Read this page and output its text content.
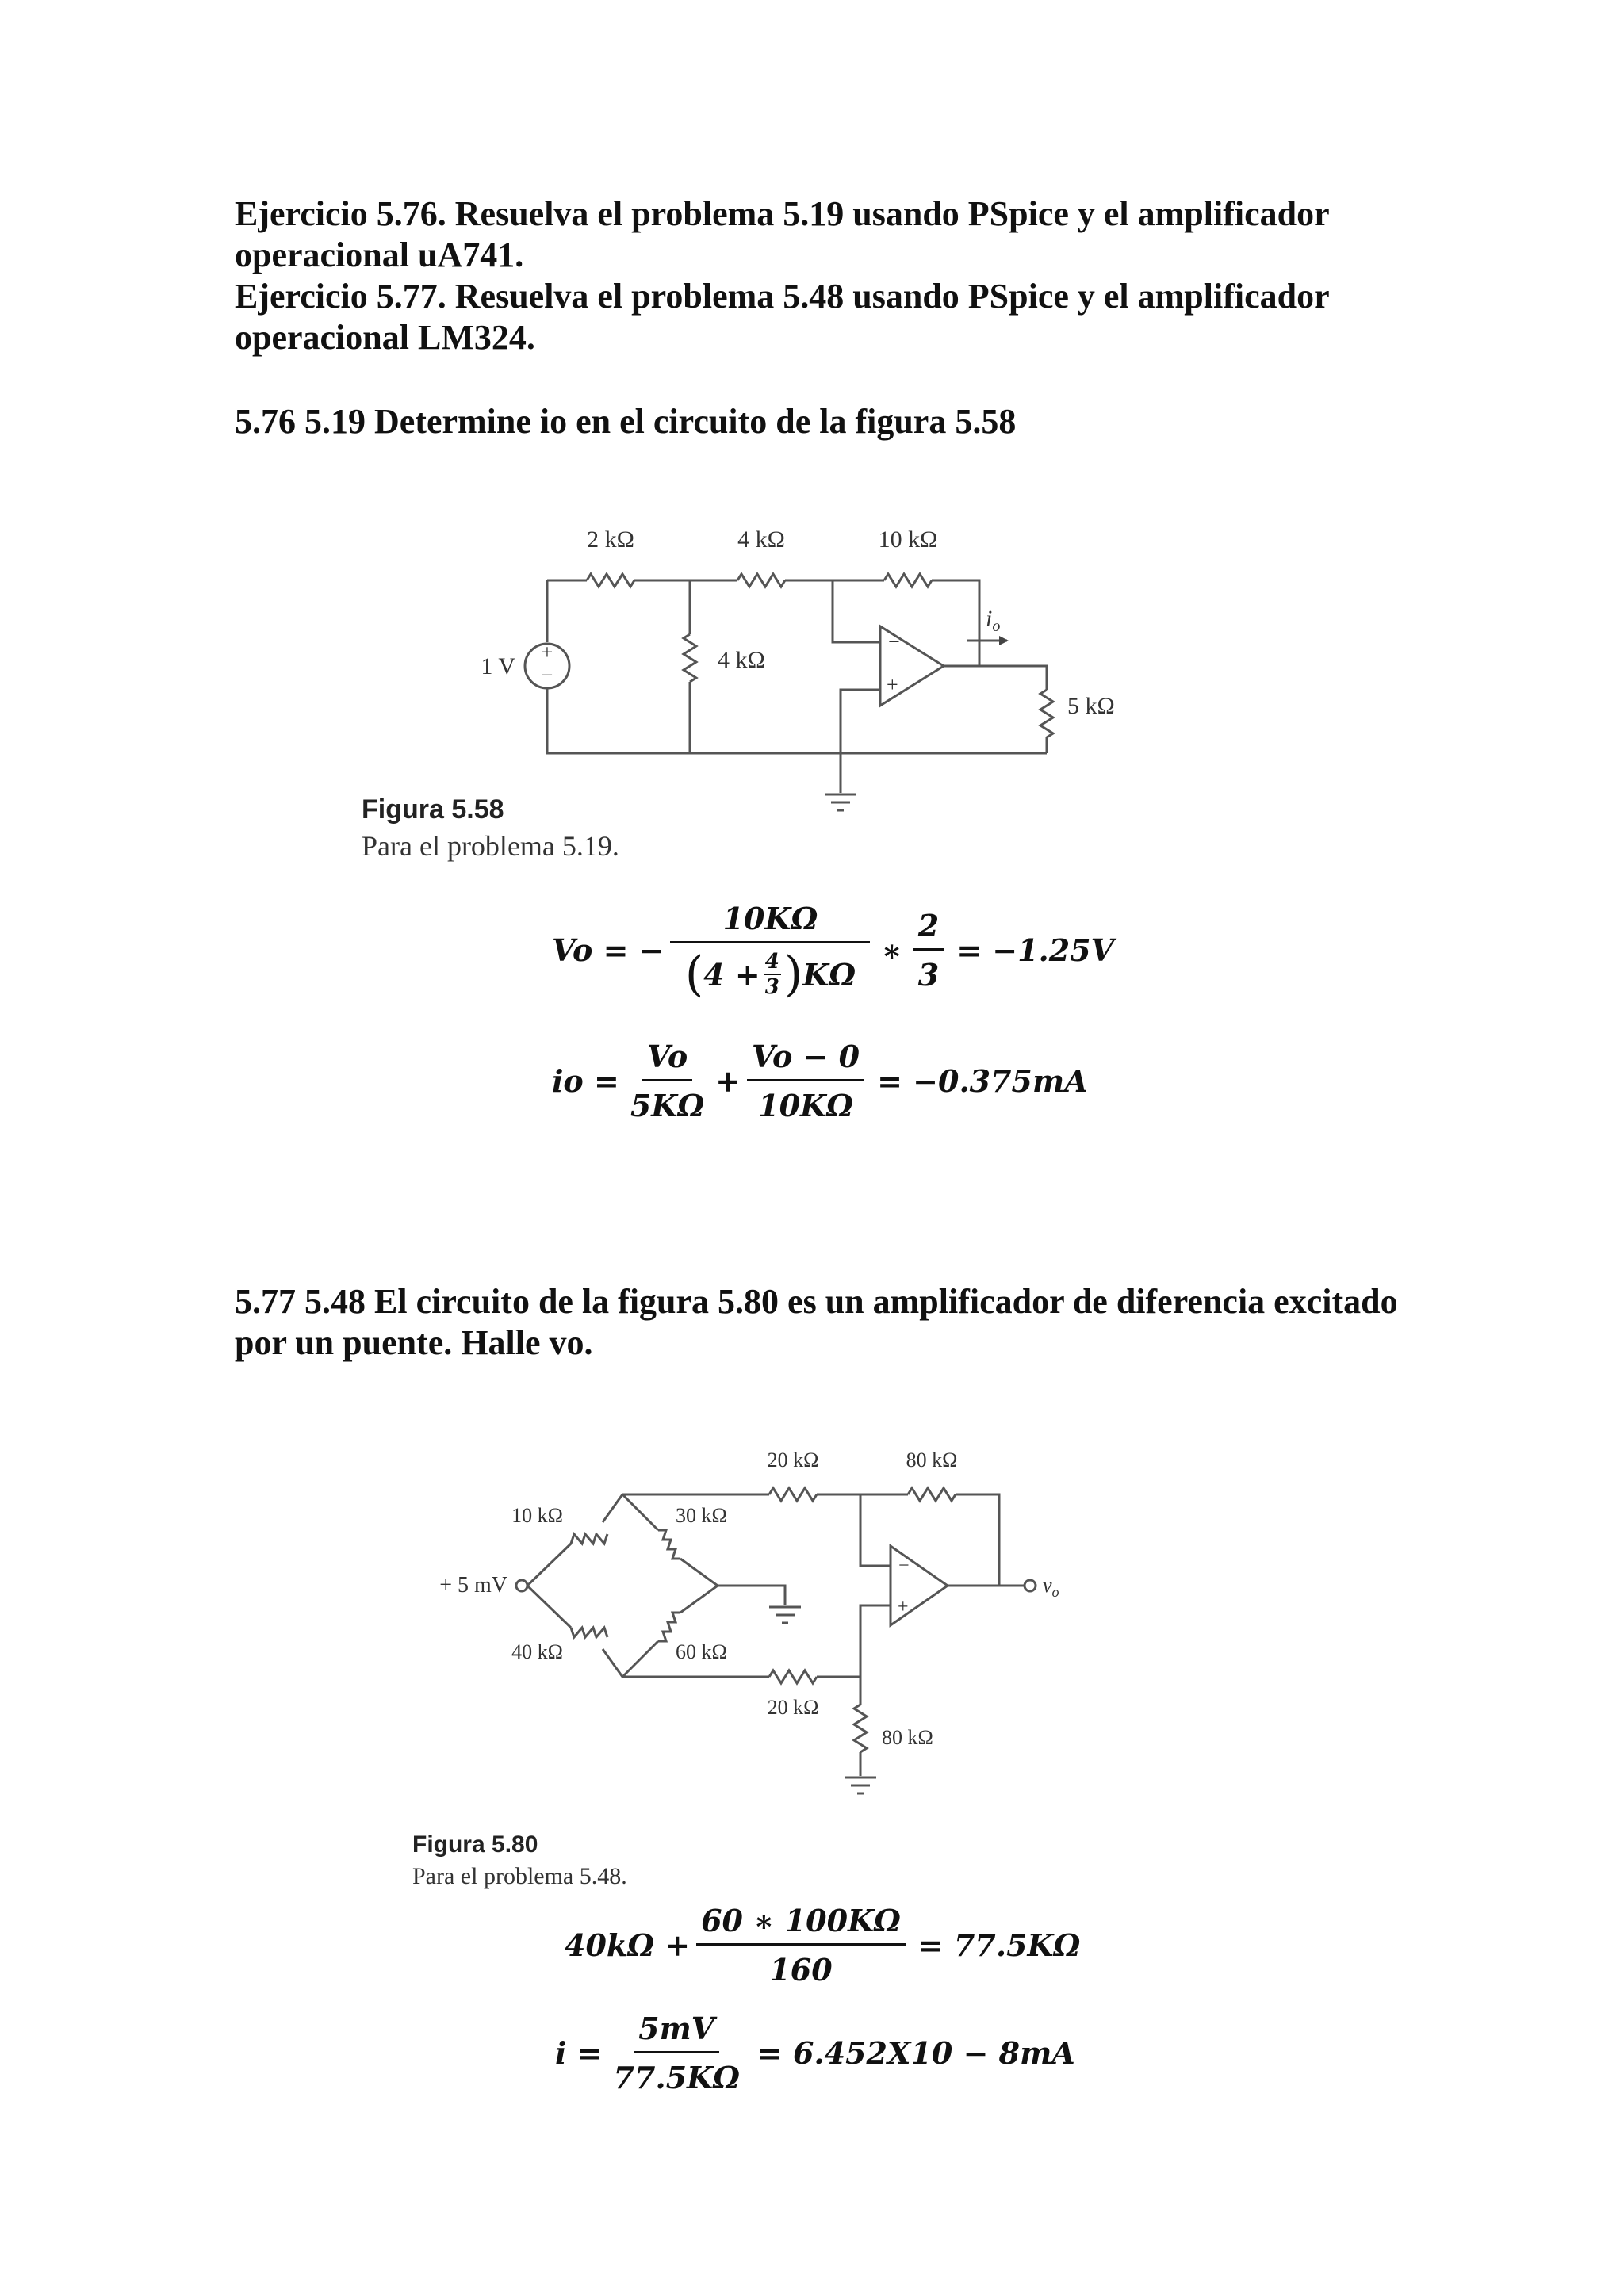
Ejercicio 5.76. Resuelva el problema 5.19 usando PSpice y el amplificador operacional uA741.

Ejercicio 5.77. Resuelva el problema 5.48 usando PSpice y el amplificador operacional LM324.

5.76 5.19 Determine io en el circuito de la figura 5.58
+
−
−
+
2 kΩ	4 kΩ	10 kΩ
4 kΩ
5 kΩ
1 V
$i_o$
Figura 5.58
Para el problema 5.19.
Vo = − $\frac{10K\Omega}{( 4 + \frac{4}{3} ) K\Omega}$ ∗ $\frac{2}{3} = -1.25V$
io = $\frac{Vo}{5K\Omega} + \frac{Vo - 0}{10K\Omega} = -0.375mA$
5.77 5.48 El circuito de la figura 5.80 es un amplificador de diferencia excitado por un puente. Halle vo.
+ 5 mV
−
+
20 kΩ	80 kΩ
10 kΩ	30 kΩ
40 kΩ	60 kΩ
20 kΩ
80 kΩ
$v_o$
Figura 5.80
Para el problema 5.48.
$40k\Omega + \frac{60 ∗ 100K\Omega}{160} = 77.5K\Omega$
$i = \frac{5mV}{77.5K\Omega} = 6.452X10 - 8mA$
